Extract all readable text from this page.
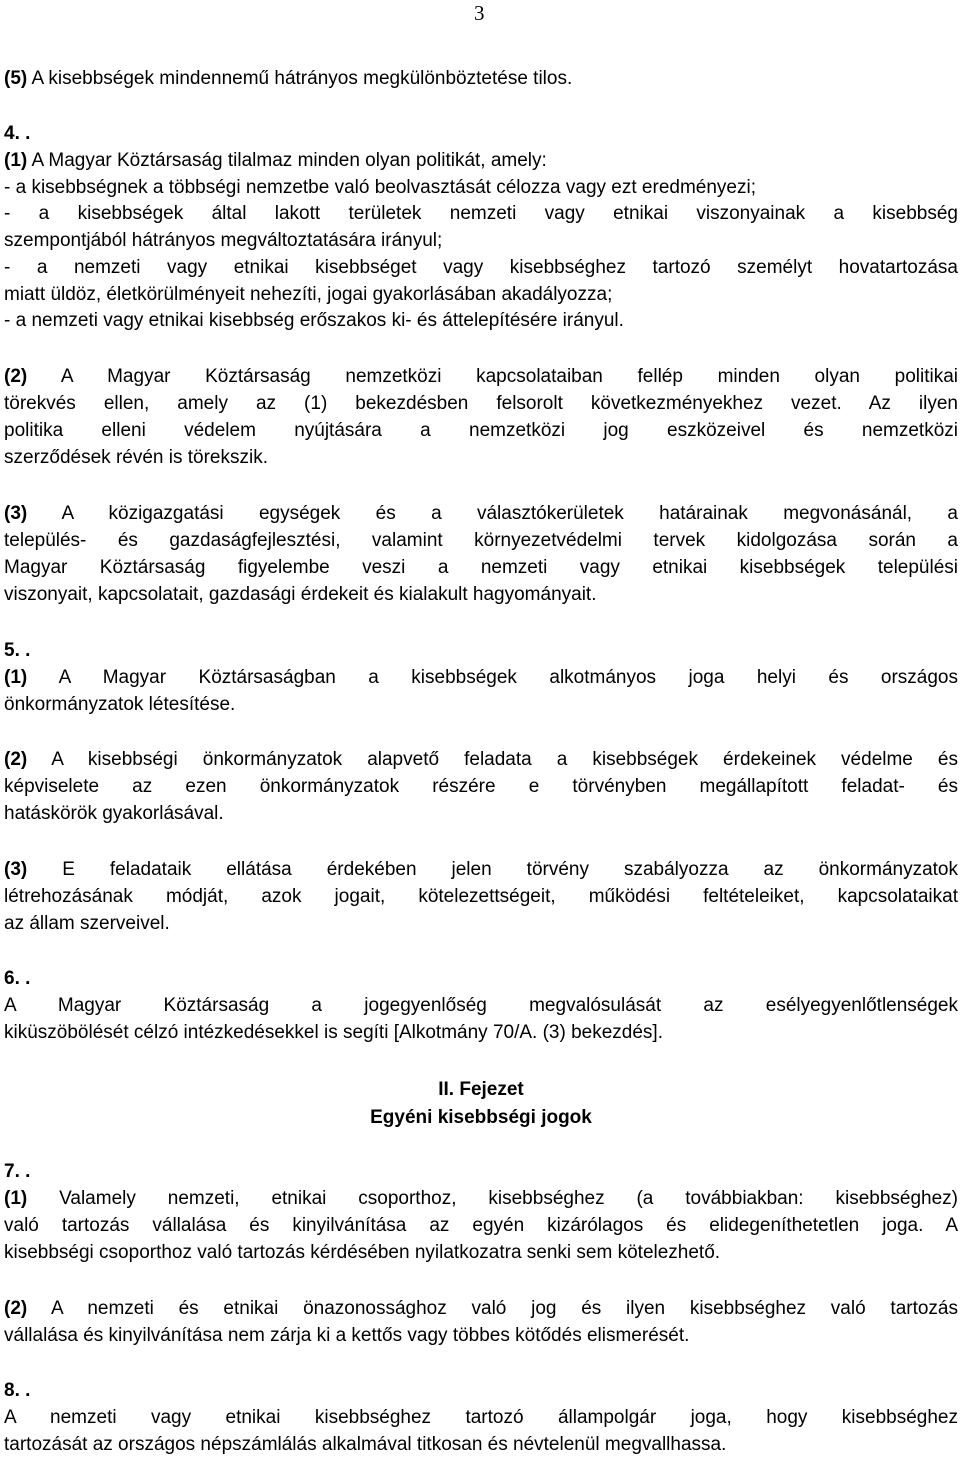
3
(5) A kisebbségek mindennemű hátrányos megkülönböztetése tilos.
4. .
(1) A Magyar Köztársaság tilalmaz minden olyan politikát, amely:
- a kisebbségnek a többségi nemzetbe való beolvasztását célozza vagy ezt eredményezi;
- a kisebbségek által lakott területek nemzeti vagy etnikai viszonyainak a kisebbség
szempontjából hátrányos megváltoztatására irányul;
- a nemzeti vagy etnikai kisebbséget vagy kisebbséghez tartozó személyt hovatartozása
miatt üldöz, életkörülményeit nehezíti, jogai gyakorlásában akadályozza;
- a nemzeti vagy etnikai kisebbség erőszakos ki- és áttelepítésére irányul.
(2) A Magyar Köztársaság nemzetközi kapcsolataiban fellép minden olyan politikai
törekvés ellen, amely az (1) bekezdésben felsorolt következményekhez vezet. Az ilyen
politika elleni védelem nyújtására a nemzetközi jog eszközeivel és nemzetközi
szerződések révén is törekszik.
(3) A közigazgatási egységek és a választókerületek határainak megvonásánál, a
település- és gazdaságfejlesztési, valamint környezetvédelmi tervek kidolgozása során a
Magyar Köztársaság figyelembe veszi a nemzeti vagy etnikai kisebbségek települési
viszonyait, kapcsolatait, gazdasági érdekeit és kialakult hagyományait.
5. .
(1) A Magyar Köztársaságban a kisebbségek alkotmányos joga helyi és országos
önkormányzatok létesítése.
(2) A kisebbségi önkormányzatok alapvető feladata a kisebbségek érdekeinek védelme és
képviselete az ezen önkormányzatok részére e törvényben megállapított feladat- és
hatáskörök gyakorlásával.
(3) E feladataik ellátása érdekében jelen törvény szabályozza az önkormányzatok
létrehozásának módját, azok jogait, kötelezettségeit, működési feltételeiket, kapcsolataikat
az állam szerveivel.
6. .
A Magyar Köztársaság a jogegyenlőség megvalósulását az esélyegyenlőtlenségek
kiküszöbölését célzó intézkedésekkel is segíti [Alkotmány 70/A. (3) bekezdés].
II. Fejezet
Egyéni kisebbségi jogok
7. .
(1) Valamely nemzeti, etnikai csoporthoz, kisebbséghez (a továbbiakban: kisebbséghez)
való tartozás vállalása és kinyilvánítása az egyén kizárólagos és elidegeníthetetlen joga. A
kisebbségi csoporthoz való tartozás kérdésében nyilatkozatra senki sem kötelezhető.
(2) A nemzeti és etnikai önazonossághoz való jog és ilyen kisebbséghez való tartozás
vállalása és kinyilvánítása nem zárja ki a kettős vagy többes kötődés elismerését.
8. .
A nemzeti vagy etnikai kisebbséghez tartozó állampolgár joga, hogy kisebbséghez
tartozását az országos népszámlálás alkalmával titkosan és névtelenül megvallhassa.
